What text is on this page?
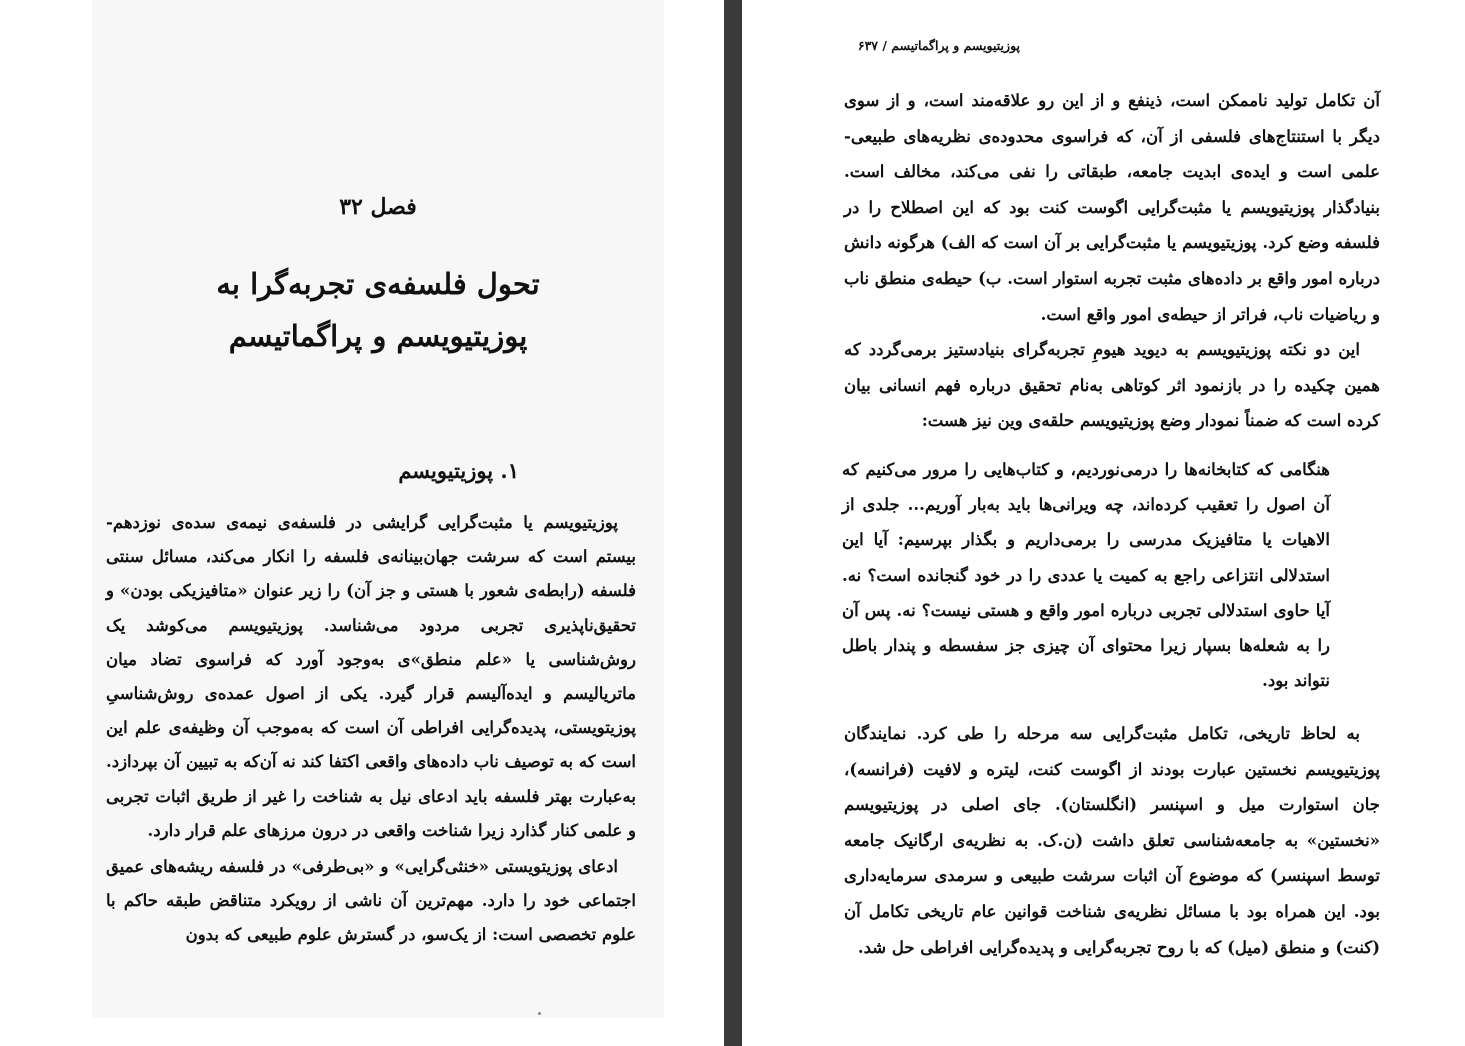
فصل ۳۲
تحول فلسفه‌ی تجربه‌گرا به
پوزیتیویسم و پراگماتیسم
۱. پوزیتیویسم

پوزیتیویسم یا مثبت‌گرایی گرایشی در فلسفه‌ی نیمه‌ی سده‌ی نوزدهم-بیستم است که سرشت جهان‌بینانه‌ی فلسفه را انکار می‌کند، مسائل سنتی فلسفه (رابطه‌ی شعور با هستی و جز آن) را زیر عنوان «متافیزیکی بودن» و تحقیق‌ناپذیری تجربی مردود می‌شناسد. پوزیتیویسم می‌کوشد یک روش‌شناسی یا «علم منطق»ی به‌وجود آورد که فراسوی تضاد میان ماتریالیسم و ایده‌آلیسم قرار گیرد. یکی از اصول عمده‌ی روش‌شناسیِ پوزیتویستی، پدیده‌گرایی افراطی آن است که به‌موجب آن وظیفه‌ی علم این است که به توصیف ناب داده‌های واقعی اکتفا کند نه آن‌که به تبیین آن بپردازد. به‌عبارت بهتر فلسفه باید ادعای نیل به شناخت را غیر از طریق اثبات تجربی و علمی کنار گذارد زیرا شناخت واقعی در درون مرزهای علم قرار دارد.

ادعای پوزیتویستی «خنثی‌گرایی» و «بی‌طرفی» در فلسفه ریشه‌های عمیق اجتماعی خود را دارد. مهم‌ترین آن ناشی از رویکرد متناقض طبقه حاکم با علوم تخصصی است: از یک‌سو، در گسترش علوم طبیعی که بدون

پوزیتیویسم و پراگماتیسم / ۶۳۷

آن تکامل تولید ناممکن است، ذینفع و از این رو علاقه‌مند است، و از سوی دیگر با استنتاج‌های فلسفی از آن، که فراسوی محدوده‌ی نظریه‌های طبیعی-علمی است و ایده‌ی ابدیت جامعه، طبقاتی را نفی می‌کند، مخالف است. بنیادگذار پوزیتیویسم یا مثبت‌گرایی اگوست کنت بود که این اصطلاح را در فلسفه وضع کرد. پوزیتیویسم یا مثبت‌گرایی بر آن است که الف) هرگونه دانش درباره امور واقع بر داده‌های مثبت تجربه استوار است. ب) حیطه‌ی منطق ناب و ریاضیات ناب، فراتر از حیطه‌ی امور واقع است.

این دو نکته پوزیتیویسم به دیوید هیومِ تجربه‌گرای بنیادستیز برمی‌گردد که همین چکیده را در بازنمود اثر کوتاهی به‌نام تحقیق درباره فهم انسانی بیان کرده است که ضمناً نمودار وضع پوزیتیویسم حلقه‌ی وین نیز هست:

هنگامی که کتابخانه‌ها را درمی‌نوردیم، و کتاب‌هایی را مرور می‌کنیم که آن اصول را تعقیب کرده‌اند، چه ویرانی‌ها باید به‌بار آوریم... جلدی از الاهیات یا متافیزیک مدرسی را برمی‌داریم و بگذار بپرسیم: آیا این استدلالی انتزاعی راجع به کمیت یا عددی را در خود گنجانده است؟ نه. آیا حاوی استدلالی تجربی درباره امور واقع و هستی نیست؟ نه. پس آن را به شعله‌ها بسپار زیرا محتوای آن چیزی جز سفسطه و پندار باطل نتواند بود.

به لحاظ تاریخی، تکامل مثبت‌گرایی سه مرحله را طی کرد. نمایندگان پوزیتیویسم نخستین عبارت بودند از اگوست کنت، لیتره و لافیت (فرانسه)، جان استوارت میل و اسپنسر (انگلستان). جای اصلی در پوزیتیویسم «نخستین» به جامعه‌شناسی تعلق داشت (ن.ک. به نظریه‌ی ارگانیک جامعه توسط اسپنسر) که موضوع آن اثبات سرشت طبیعی و سرمدی سرمایه‌داری بود. این همراه بود با مسائل نظریه‌ی شناخت قوانین عام تاریخی تکامل آن (کنت) و منطق (میل) که با روح تجربه‌گرایی و پدیده‌گرایی افراطی حل شد.
